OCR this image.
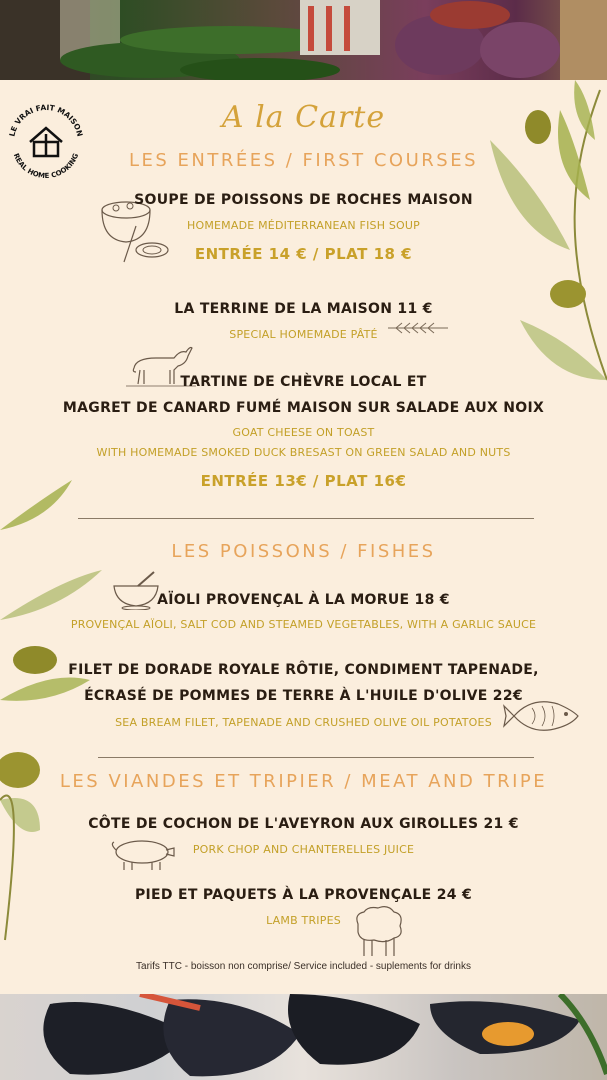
LE VRAI FAIT MAISON
REAL HOME COOKING
A la Carte
LES ENTRÉES / FIRST COURSES
SOUPE DE POISSONS DE ROCHES MAISON
HOMEMADE MÉDITERRANEAN FISH SOUP
ENTRÉE 14 € / PLAT 18 €
LA TERRINE DE LA MAISON 11 €
SPECIAL HOMEMADE PÂTÉ
TARTINE DE CHÈVRE LOCAL ET
MAGRET DE CANARD FUMÉ MAISON SUR SALADE AUX NOIX
GOAT CHEESE ON TOAST
WITH HOMEMADE SMOKED DUCK BRESAST ON GREEN SALAD AND NUTS
ENTRÉE 13€ / PLAT 16€
LES POISSONS / FISHES
AÏOLI PROVENÇAL À LA MORUE 18 €
PROVENÇAL AÏOLI, SALT COD AND STEAMED VEGETABLES, WITH A GARLIC SAUCE
FILET DE DORADE ROYALE RÔTIE, CONDIMENT TAPENADE,
ÉCRASÉ DE POMMES DE TERRE À L'HUILE D'OLIVE 22€
SEA BREAM FILET, TAPENADE AND CRUSHED OLIVE OIL POTATOES
LES VIANDES ET TRIPIER / MEAT AND TRIPE
CÔTE DE COCHON DE L'AVEYRON AUX GIROLLES 21 €
PORK CHOP AND CHANTERELLES JUICE
PIED ET PAQUETS À LA PROVENÇALE 24 €
LAMB TRIPES
Tarifs TTC - boisson non comprise/ Service included - suplements for drinks
